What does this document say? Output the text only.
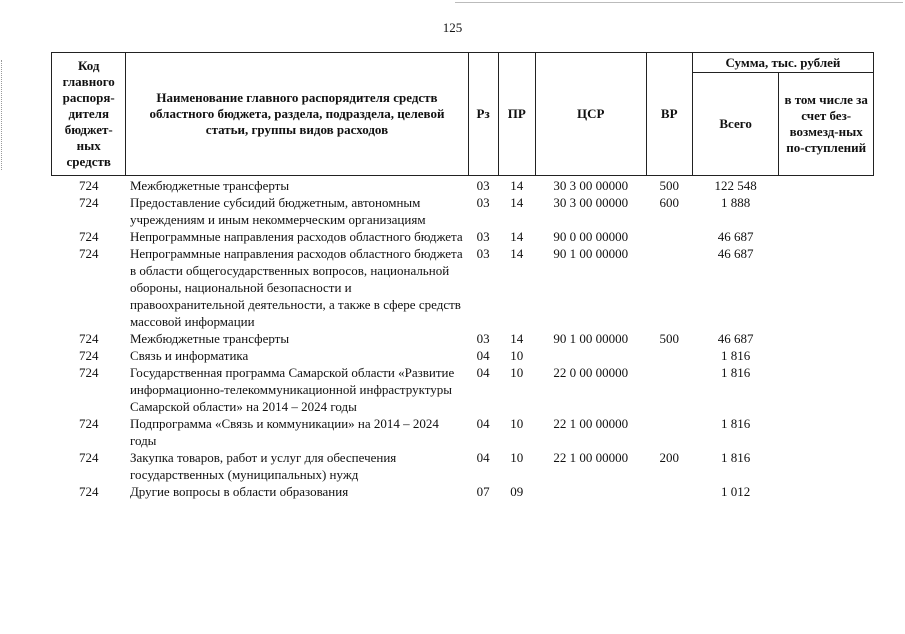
125
Код главного распоря-дителя бюджет-ных средств	Наименование главного распорядителя средств областного бюджета, раздела, подраздела, целевой статьи, группы видов расходов	Рз	ПР	ЦСР	ВР	Сумма, тыс. рублей	
						Всего	в том числе за счет без-возмезд-ных по-ступлений
724	Межбюджетные трансферты	03	14	30 3 00 00000	500	122 548	
724	Предоставление субсидий бюджетным, автономным учреждениям и иным некоммерческим организациям	03	14	30 3 00 00000	600	1 888	
724	Непрограммные направления расходов областного бюджета	03	14	90 0 00 00000		46 687	
724	Непрограммные направления расходов областного бюджета в области общегосударственных вопросов, национальной обороны, национальной безопасности и правоохранительной деятельности, а также в сфере средств массовой информации	03	14	90 1 00 00000		46 687	
724	Межбюджетные трансферты	03	14	90 1 00 00000	500	46 687	
724	Связь и информатика	04	10			1 816	
724	Государственная программа Самарской области «Развитие информационно-телекоммуникационной инфраструктуры Самарской области» на 2014 – 2024 годы	04	10	22 0 00 00000		1 816	
724	Подпрограмма «Связь и коммуникации» на 2014 – 2024 годы	04	10	22 1 00 00000		1 816	
724	Закупка товаров, работ и услуг для обеспечения государственных (муниципальных) нужд	04	10	22 1 00 00000	200	1 816	
724	Другие вопросы в области образования	07	09			1 012	
